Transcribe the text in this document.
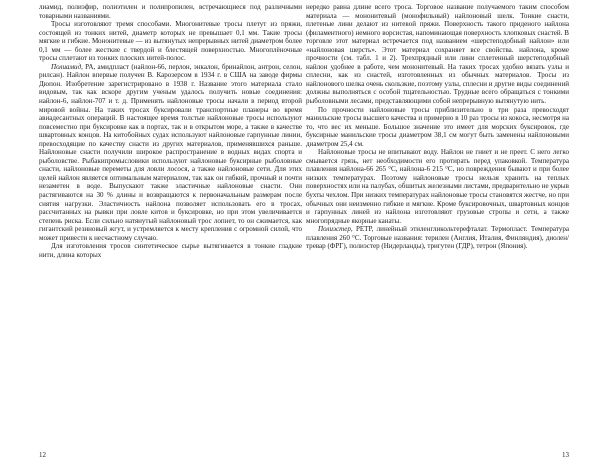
лиамид, полиэфир, полиэтилен и полипропилен, встречающиеся под различными товарными названиями.

Тросы изготовляют тремя способами. Многонитевые тросы плетут из пряжи, состоящей из тонких нитей, диаметр которых не превышает 0,1 мм. Такие тросы мягкие и гибкие. Мононитевые — из вытянутых непрерывных нитей диаметром более 0,1 мм — более жесткие с твердой и блестящей поверхностью. Многоплёночные тросы сплетают из тонких плоских нитей-полос.

Полиамид, PA, амидпласт (найлон-66, перлон, энкалон, бринайлон, антрон, селон, рилсан). Найлон впервые получен В. Карозерсом в 1934 г. в США на заводе фирмы Дюпон. Изобретение зарегистрировано в 1938 г. Название этого материала стало видовым, так как вскоре другим ученым удалось получить новые соединения: найлон-6, найлон-707 и т. д. Применять найлоновые тросы начали в период второй мировой войны. На таких тросах буксировали транспортные планеры во время авиадесантных операций. В настоящее время толстые найлоновые тросы используют повсеместно при буксировке как в портах, так и в открытом море, а также в качестве швартовных концов. На китобойных судах используют найлоновые гарпунные линии, превосходящие по качеству снасти из других материалов, применявшихся раньше. Найлоновые снасти получили широкое распространение в водных видах спорта и рыболовстве. Рыбакипромысловики используют найлоновые буксирные рыболовные снасти, найлоновые переметы для ловли лосося, а также найлоновые сети. Для этих целей найлон является оптимальным материалом, так как он гибкий, прочный и почти незаметен в воде. Выпускают также эластичные найлоновые снасти. Они растягиваются на 30 % длины и возвращаются к первоначальным размерам после снятия нагрузки. Эластичность найлона позволяет использовать его в тросах, рассчитанных на рывки при ловле китов и буксировке, но при этом увеличивается степень риска. Если сильно натянутый найлоновый трос лопнет, то он сжимается, как гигантский резиновый жгут, и устремляется к месту крепления с огромной силой, что может привести к несчастному случаю.

Для изготовления тросов синтетическое сырье вытягивается в тонкие гладкие нити, длина которых

12

нередко равна длине всего троса. Торговое название получаемого таким способом материала — мононитевый (монофильный) найлоновый шелк. Тонкие снасти, плетеные лини делают из нитевой пряжи. Поверхность такого приденого найлона (филаментного) немного ворсистая, напоминающая поверхность хлопковых снастей. В торговле этот материал встречается под названием «шерстеподобный найлон» или «найлоновая шерсть». Этот материал сохраняет все свойства. найлона, кроме прочности (см. табл. 1 и 2). Трехпрядный или лини сплетенный шерстеподобный найлон удобнее в работе, чем мононитевый. На таких тросах удобно вязать узлы и сплесни, как из снастей, изготовленных из обычных материалов. Тросы из найлонового шелка очень скользкие, поэтому узлы, сплесни и другие виды соединений должны выполняться с особой тщательностью. Трудные всего обращаться с тонкими рыболовными лесами, представляющими собой непрерывную вытянутую нить.

По прочности найлоновые тросы приблизительно в три раза превосходят манильские тросы высшего качества и примерно в 10 раз тросы из кокоса, несмотря на то, что вес их меньше. Большое значение это имеет для морских буксировок, где буксирные манильские тросы диаметром 38,1 см могут быть заменены найлоновыми диаметром 25,4 см.

Найлоновые тросы не впитывают воду. Найлон не гниет и не преет. С него легко смывается грязь, нет необходимости его протирать перед упаковкой. Температура плавления найлона-66 265 °С, найлона-6 215 °С, но повреждения бывают и при более низких температурах. Поэтому найлоновые тросы нельзя хранить на теплых поверхностях или на палубах, обшитых железными листами, предварительно не укрыв бухты чехлом. При низких температурах найлоновые тросы становятся жестче, но при обычных они неизменно гибкие и мягкие. Кроме буксировочных, швартовных концов и гарпунных линей из найлона изготовляют грузовые стропы и сети, а также многопрядные якорные канаты.

Полиэстер, PETP, линейный этиленгликольтерефталат. Термопласт. Температура плавления 260 °С. Торговые названия: терилен (Англия, Италия, Финляндия), диолен/тревар (ФРГ), полиэстер (Нидерланды), тригутен (ГДР), тетрон (Япония).

13
